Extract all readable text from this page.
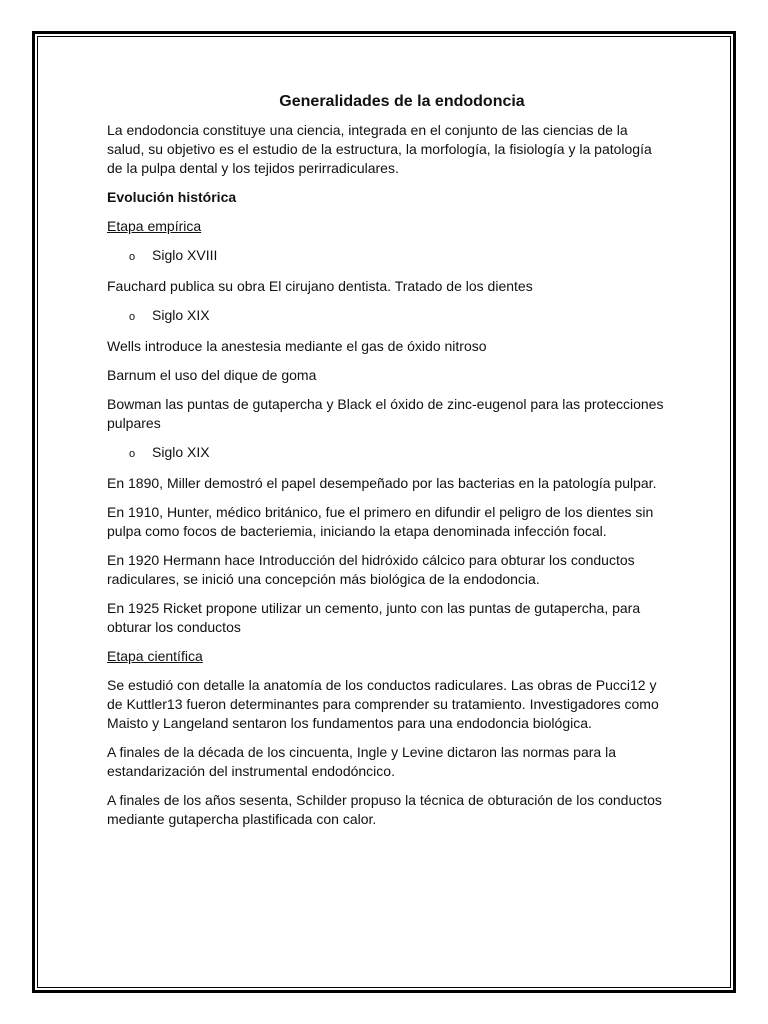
Generalidades de la endodoncia
La endodoncia constituye una ciencia, integrada en el conjunto de las ciencias de la salud, su objetivo es el estudio de la estructura, la morfología, la fisiología y la patología de la pulpa dental y los tejidos perirradiculares.
Evolución histórica
Etapa empírica
o	Siglo XVIII
Fauchard publica su obra El cirujano dentista. Tratado de los dientes
o	Siglo XIX
Wells introduce la anestesia mediante el gas de óxido nitroso
Barnum el uso del dique de goma
Bowman las puntas de gutapercha y Black el óxido de zinc-eugenol para las protecciones pulpares
o	Siglo XIX
En 1890, Miller demostró el papel desempeñado por las bacterias en la patología pulpar.
En 1910, Hunter, médico británico, fue el primero en difundir el peligro de los dientes sin pulpa como focos de bacteriemia, iniciando la etapa denominada infección focal.
En 1920 Hermann hace Introducción del hidróxido cálcico para obturar los conductos radiculares, se inició una concepción más biológica de la endodoncia.
En 1925 Ricket propone utilizar un cemento, junto con las puntas de gutapercha, para obturar los conductos
Etapa científica
Se estudió con detalle la anatomía de los conductos radiculares. Las obras de Pucci12 y de Kuttler13 fueron determinantes para comprender su tratamiento. Investigadores como Maisto y Langeland sentaron los fundamentos para una endodoncia biológica.
A finales de la década de los cincuenta, Ingle y Levine dictaron las normas para la estandarización del instrumental endodóncico.
A finales de los años sesenta, Schilder propuso la técnica de obturación de los conductos mediante gutapercha plastificada con calor.
